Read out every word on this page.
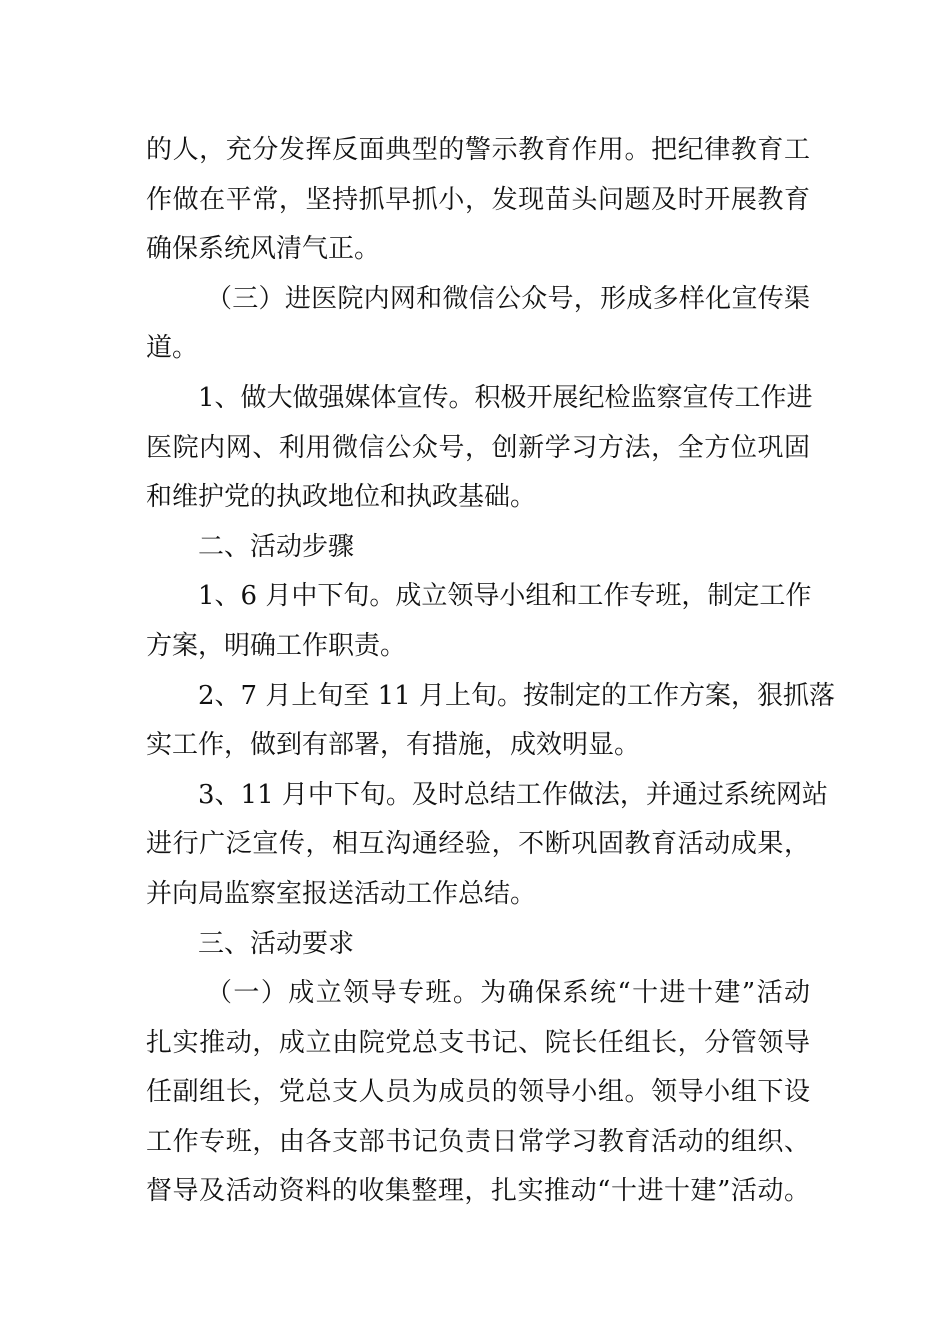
的人，充分发挥反面典型的警示教育作用。把纪律教育工
作做在平常，坚持抓早抓小，发现苗头问题及时开展教育
确保系统风清气正。
（三）进医院内网和微信公众号，形成多样化宣传渠
道。
1、做大做强媒体宣传。积极开展纪检监察宣传工作进
医院内网、利用微信公众号，创新学习方法，全方位巩固
和维护党的执政地位和执政基础。
二、活动步骤
1、6 月中下旬。成立领导小组和工作专班，制定工作
方案，明确工作职责。
2、7 月上旬至 11 月上旬。按制定的工作方案，狠抓落
实工作，做到有部署，有措施，成效明显。
3、11 月中下旬。及时总结工作做法，并通过系统网站
进行广泛宣传，相互沟通经验，不断巩固教育活动成果，
并向局监察室报送活动工作总结。
三、活动要求
（一）成立领导专班。为确保系统“十进十建”活动
扎实推动，成立由院党总支书记、院长任组长，分管领导
任副组长，党总支人员为成员的领导小组。领导小组下设
工作专班，由各支部书记负责日常学习教育活动的组织、
督导及活动资料的收集整理，扎实推动“十进十建”活动。
